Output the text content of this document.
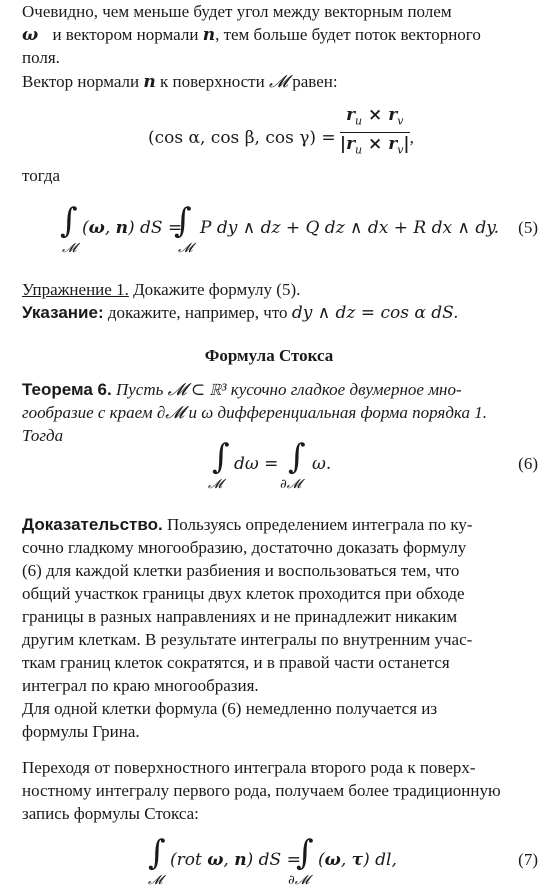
Очевидно, чем меньше будет угол между векторным полем
ω и вектором нормали n, тем больше будет поток векторного
поля.
Вектор нормали n к поверхности 𝓜 равен:
(cos α, cos β, $\cos \gamma) = \frac{r_u \times r_v}{|r_u \times r_v|}$ ,
тогда
∫
𝓜
(ω, n) dS =
∫
𝓜
P dy ∧ dz + Q dz ∧ dx + R dx ∧ dy. (5)
Упражнение 1. Докажите формулу (5).
Указание: докажите, например, что dy ∧ dz = cos α dS.
Формула Стокса
Теорема 6. Пусть 𝓜 ⊂ ℝ³ кусочно гладкое двумерное мно-
гообразие с краем ∂𝓜 и ω дифференциальная форма порядка 1.
Тогда
∫
𝓜
dω = ∫
∂𝓜
ω.	(6)
Доказательство. Пользуясь определением интеграла по ку-
сочно гладкому многообразию, достаточно доказать формулу
(6) для каждой клетки разбиения и воспользоваться тем, что
общий участкок границы двух клеток проходится при обходе
границы в разных направлениях и не принадлежит никаким
другим клеткам. В результате интегралы по внутренним учас-
ткам границ клеток сократятся, и в правой части останется
интеграл по краю многообразия.
Для одной клетки формула (6) немедленно получается из
формулы Грина.
Переходя от поверхностного интеграла второго рода к поверх-
ностному интегралу первого рода, получаем более традиционную
запись формулы Стокса:
∫
𝓜
(rot ω, n) dS =
∫
∂𝓜
(ω, τ) dl,	(7)
